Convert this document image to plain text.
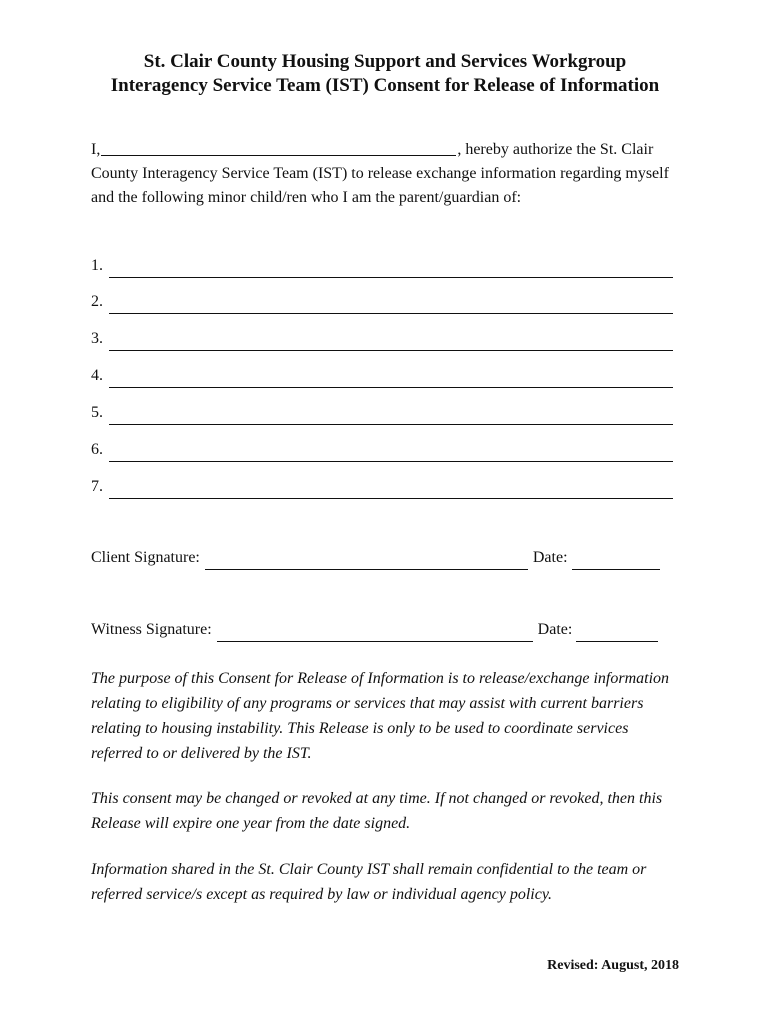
St. Clair County Housing Support and Services Workgroup
Interagency Service Team (IST) Consent for Release of Information
I,	, hereby authorize the St. Clair County Interagency Service Team (IST) to release exchange information regarding myself and the following minor child/ren who I am the parent/guardian of:
1.
2.
3.
4.
5.
6.
7.
Client Signature:	Date:
Witness Signature:	Date:
The purpose of this Consent for Release of Information is to release/exchange information relating to eligibility of any programs or services that may assist with current barriers relating to housing instability. This Release is only to be used to coordinate services referred to or delivered by the IST.
This consent may be changed or revoked at any time. If not changed or revoked, then this Release will expire one year from the date signed.
Information shared in the St. Clair County IST shall remain confidential to the team or referred service/s except as required by law or individual agency policy.
Revised: August, 2018
